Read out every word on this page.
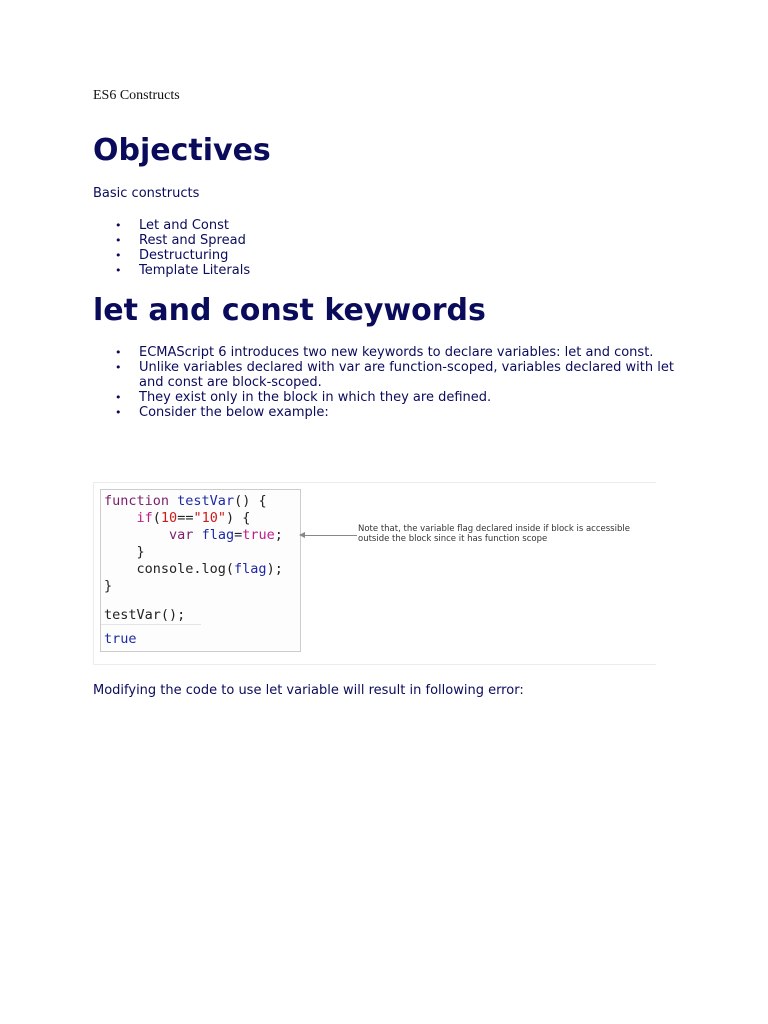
ES6 Constructs
Objectives
Basic constructs
• Let and Const
• Rest and Spread
• Destructuring
• Template Literals
let and const keywords
• ECMAScript 6 introduces two new keywords to declare variables: let and const.
• Unlike variables declared with var are function-scoped, variables declared with let and const are block-scoped.
• They exist only in the block in which they are defined.
• Consider the below example:
Modifying the code to use let variable will result in following error:
function testVar() {
if(10=="10") {
var flag=true;
}
console.log(flag);
}
testVar();
true
Note that, the variable flag declared inside if block is accessible
outside the block since it has function scope
